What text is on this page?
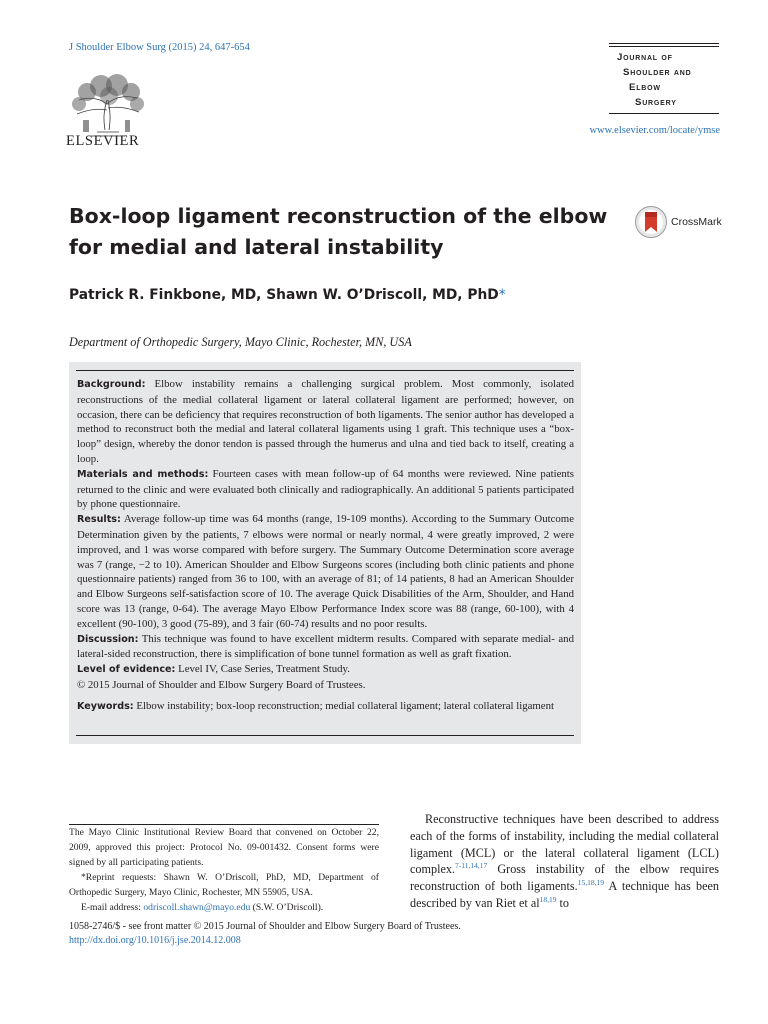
J Shoulder Elbow Surg (2015) 24, 647-654
ELSEVIER
Journal of
Shoulder and
Elbow
Surgery
www.elsevier.com/locate/ymse
Box-loop ligament reconstruction of the elbow for medial and lateral instability
CrossMark
Patrick R. Finkbone, MD, Shawn W. O’Driscoll, MD, PhD*
Department of Orthopedic Surgery, Mayo Clinic, Rochester, MN, USA

Background: Elbow instability remains a challenging surgical problem. Most commonly, isolated reconstructions of the medial collateral ligament or lateral collateral ligament are performed; however, on occasion, there can be deficiency that requires reconstruction of both ligaments. The senior author has developed a method to reconstruct both the medial and lateral collateral ligaments using 1 graft. This technique uses a “box-loop” design, whereby the donor tendon is passed through the humerus and ulna and tied back to itself, creating a loop.

Materials and methods: Fourteen cases with mean follow-up of 64 months were reviewed. Nine patients returned to the clinic and were evaluated both clinically and radiographically. An additional 5 patients participated by phone questionnaire.

Results: Average follow-up time was 64 months (range, 19-109 months). According to the Summary Outcome Determination given by the patients, 7 elbows were normal or nearly normal, 4 were greatly improved, 2 were improved, and 1 was worse compared with before surgery. The Summary Outcome Determination score average was 7 (range, −2 to 10). American Shoulder and Elbow Surgeons scores (including both clinic patients and phone questionnaire patients) ranged from 36 to 100, with an average of 81; of 14 patients, 8 had an American Shoulder and Elbow Surgeons self-satisfaction score of 10. The average Quick Disabilities of the Arm, Shoulder, and Hand score was 13 (range, 0-64). The average Mayo Elbow Performance Index score was 88 (range, 60-100), with 4 excellent (90-100), 3 good (75-89), and 3 fair (60-74) results and no poor results.

Discussion: This technique was found to have excellent midterm results. Compared with separate medial- and lateral-sided reconstruction, there is simplification of bone tunnel formation as well as graft fixation.

Level of evidence: Level IV, Case Series, Treatment Study.

© 2015 Journal of Shoulder and Elbow Surgery Board of Trustees.

Keywords: Elbow instability; box-loop reconstruction; medial collateral ligament; lateral collateral ligament

The Mayo Clinic Institutional Review Board that convened on October 22, 2009, approved this project: Protocol No. 09-001432. Consent forms were signed by all participating patients.

*Reprint requests: Shawn W. O’Driscoll, PhD, MD, Department of Orthopedic Surgery, Mayo Clinic, Rochester, MN 55905, USA.

E-mail address: odriscoll.shawn@mayo.edu (S.W. O’Driscoll).

Reconstructive techniques have been described to address each of the forms of instability, including the medial collateral ligament (MCL) or the lateral collateral ligament (LCL) complex.$^{7-11,14,17}$ Gross instability of the elbow requires reconstruction of both ligaments.$^{15,18,19}$ A technique has been described by van Riet et al$^{18,19}$ to

1058-2746/$ - see front matter © 2015 Journal of Shoulder and Elbow Surgery Board of Trustees.
http://dx.doi.org/10.1016/j.jse.2014.12.008
